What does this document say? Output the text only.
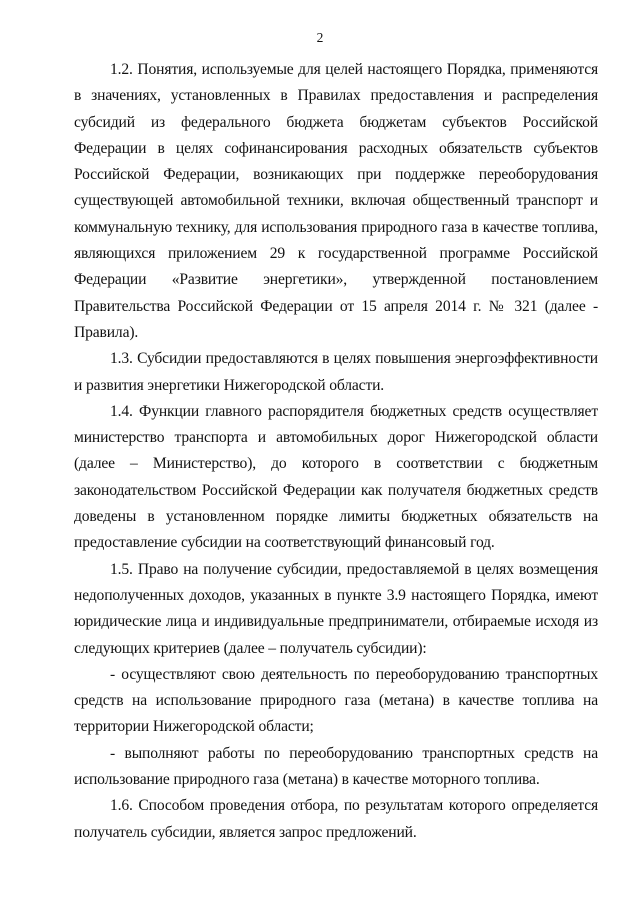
2

1.2. Понятия, используемые для целей настоящего Порядка, применяются в значениях, установленных в Правилах предоставления и распределения субсидий из федерального бюджета бюджетам субъектов Российской Федерации в целях софинансирования расходных обязательств субъектов Российской Федерации, возникающих при поддержке переоборудования существующей автомобильной техники, включая общественный транспорт и коммунальную технику, для использования природного газа в качестве топлива, являющихся приложением 29 к государственной программе Российской Федерации «Развитие энергетики», утвержденной постановлением Правительства Российской Федерации от 15 апреля 2014 г. № 321 (далее - Правила).

1.3. Субсидии предоставляются в целях повышения энергоэффективности и развития энергетики Нижегородской области.

1.4. Функции главного распорядителя бюджетных средств осуществляет министерство транспорта и автомобильных дорог Нижегородской области (далее – Министерство), до которого в соответствии с бюджетным законодательством Российской Федерации как получателя бюджетных средств доведены в установленном порядке лимиты бюджетных обязательств на предоставление субсидии на соответствующий финансовый год.

1.5. Право на получение субсидии, предоставляемой в целях возмещения недополученных доходов, указанных в пункте 3.9 настоящего Порядка, имеют юридические лица и индивидуальные предприниматели, отбираемые исходя из следующих критериев (далее – получатель субсидии):

- осуществляют свою деятельность по переоборудованию транспортных средств на использование природного газа (метана) в качестве топлива на территории Нижегородской области;

- выполняют работы по переоборудованию транспортных средств на использование природного газа (метана) в качестве моторного топлива.

1.6. Способом проведения отбора, по результатам которого определяется получатель субсидии, является запрос предложений.
